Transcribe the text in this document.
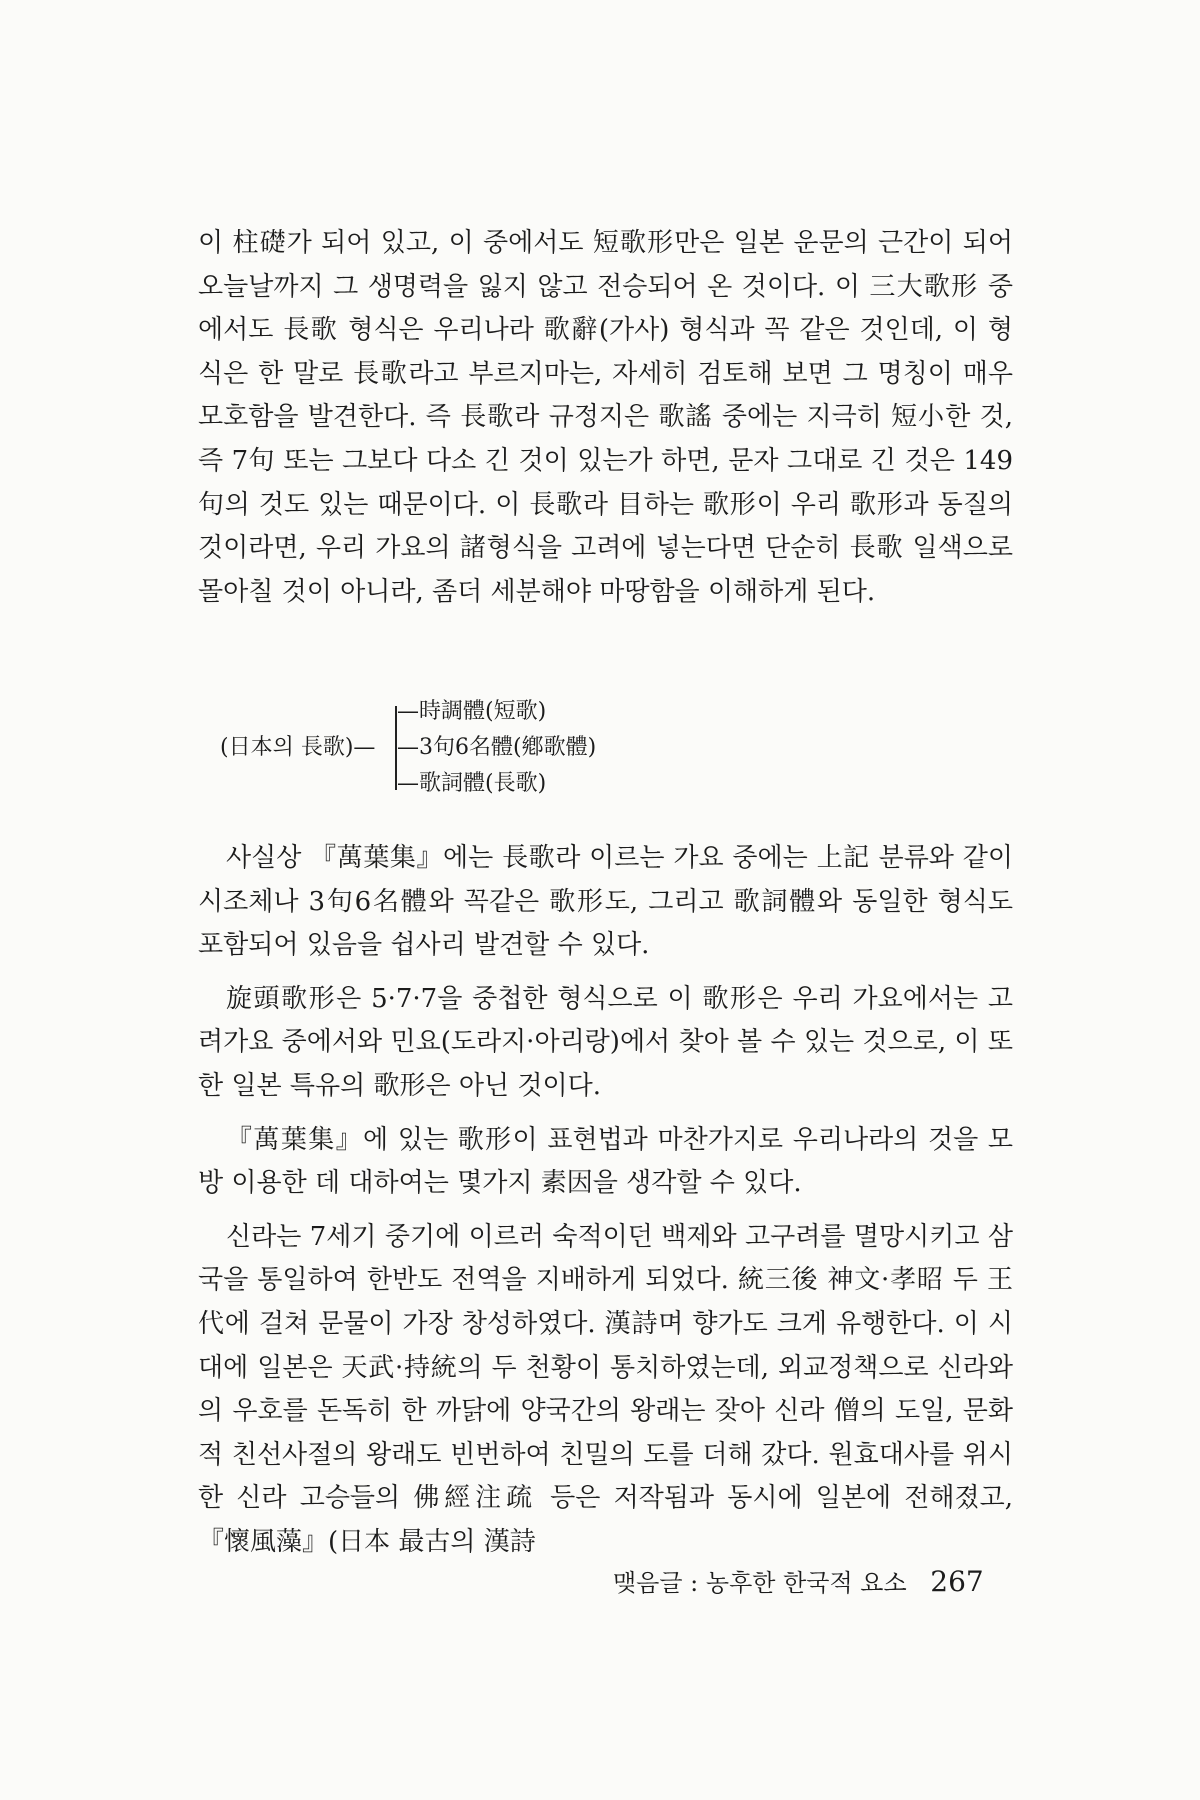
이 柱礎가 되어 있고, 이 중에서도 短歌形만은 일본 운문의 근간이 되어 오늘날까지 그 생명력을 잃지 않고 전승되어 온 것이다. 이 三大歌形 중에서도 長歌 형식은 우리나라 歌辭(가사) 형식과 꼭 같은 것인데, 이 형식은 한 말로 長歌라고 부르지마는, 자세히 검토해 보면 그 명칭이 매우 모호함을 발견한다. 즉 長歌라 규정지은 歌謠 중에는 지극히 短小한 것, 즉 7句 또는 그보다 다소 긴 것이 있는가 하면, 문자 그대로 긴 것은 149句의 것도 있는 때문이다. 이 長歌라 目하는 歌形이 우리 歌形과 동질의 것이라면, 우리 가요의 諸형식을 고려에 넣는다면 단순히 長歌 일색으로 몰아칠 것이 아니라, 좀더 세분해야 마땅함을 이해하게 된다.

(日本의 長歌)—
— 時調體(短歌)
— 3句6名體(鄕歌體)
— 歌詞體(長歌)

사실상 『萬葉集』에는 長歌라 이르는 가요 중에는 上記 분류와 같이 시조체나 3句6名體와 꼭같은 歌形도, 그리고 歌詞體와 동일한 형식도 포함되어 있음을 쉽사리 발견할 수 있다.

旋頭歌形은 5·7·7을 중첩한 형식으로 이 歌形은 우리 가요에서는 고려가요 중에서와 민요(도라지·아리랑)에서 찾아 볼 수 있는 것으로, 이 또한 일본 특유의 歌形은 아닌 것이다.

『萬葉集』에 있는 歌形이 표현법과 마찬가지로 우리나라의 것을 모방 이용한 데 대하여는 몇가지 素因을 생각할 수 있다.

신라는 7세기 중기에 이르러 숙적이던 백제와 고구려를 멸망시키고 삼국을 통일하여 한반도 전역을 지배하게 되었다. 統三後 神文·孝昭 두 王代에 걸쳐 문물이 가장 창성하였다. 漢詩며 향가도 크게 유행한다. 이 시대에 일본은 天武·持統의 두 천황이 통치하였는데, 외교정책으로 신라와의 우호를 돈독히 한 까닭에 양국간의 왕래는 잦아 신라 僧의 도일, 문화적 친선사절의 왕래도 빈번하여 친밀의 도를 더해 갔다. 원효대사를 위시한 신라 고승들의 佛經注疏 등은 저작됨과 동시에 일본에 전해졌고, 『懷風藻』(日本 最古의 漢詩

맺음글 : 농후한 한국적 요소 267
